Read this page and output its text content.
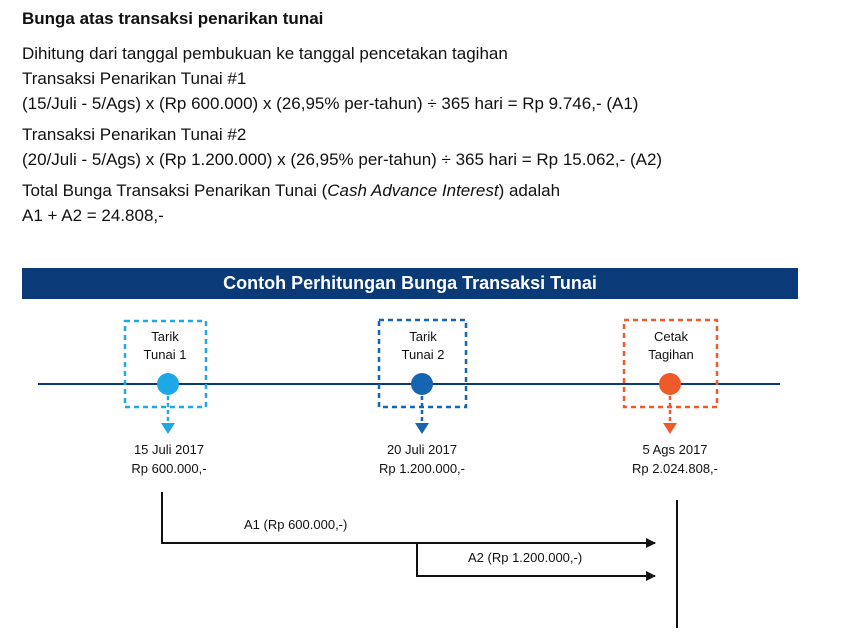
Bunga atas transaksi penarikan tunai
Dihitung dari tanggal pembukuan ke tanggal pencetakan tagihan
Transaksi Penarikan Tunai #1
(15/Juli - 5/Ags) x (Rp 600.000) x (26,95% per-tahun) ÷ 365 hari = Rp 9.746,- (A1)
Transaksi Penarikan Tunai #2
(20/Juli - 5/Ags) x (Rp 1.200.000) x (26,95% per-tahun) ÷ 365 hari = Rp 15.062,- (A2)
Total Bunga Transaksi Penarikan Tunai (Cash Advance Interest) adalah
A1 + A2 = 24.808,-
Contoh Perhitungan Bunga Transaksi Tunai
Tarik
Tunai 1
Tarik
Tunai 2
Cetak
Tagihan
15 Juli 2017
Rp 600.000,-
20 Juli 2017
Rp 1.200.000,-
5 Ags 2017
Rp 2.024.808,-
A1 (Rp 600.000,-)
A2 (Rp 1.200.000,-)
